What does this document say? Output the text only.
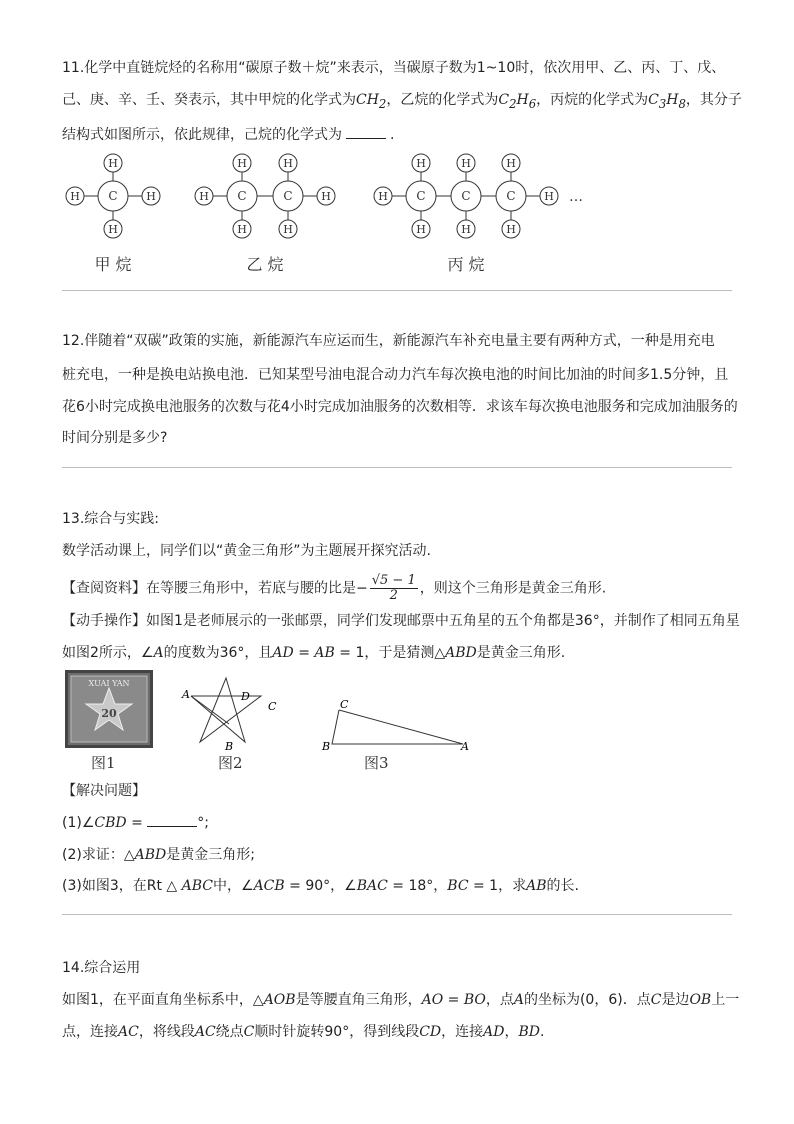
11.化学中直链烷烃的名称用“碳原子数＋烷”来表示，当碳原子数为1~10时，依次用甲、乙、丙、丁、戊、
己、庚、辛、壬、癸表示，其中甲烷的化学式为$CH_2$，乙烷的化学式为$C_2H_6$，丙烷的化学式为$C_3H_8$，其分子
结构式如图所示，依此规律，己烷的化学式为	.
H
H
C
H	H
H
H
C
H
H
C
H	H
H
H
C
H
H
C
H
H
C
H	H …
甲 烷	乙 烷	丙 烷
12.伴随着“双碳”政策的实施，新能源汽车应运而生，新能源汽车补充电量主要有两种方式，一种是用充电
桩充电，一种是换电站换电池．已知某型号油电混合动力汽车每次换电池的时间比加油的时间多1.5分钟，且
花6小时完成换电池服务的次数与花4小时完成加油服务的次数相等．求该车每次换电池服务和完成加油服务的
时间分别是多少?
13.综合与实践:
数学活动课上，同学们以“黄金三角形”为主题展开探究活动.
【查阅资料】在等腰三角形中，若底与腰的比是− $\frac{√5 - 1}{2}$ ，则这个三角形是黄金三角形.
【动手操作】如图1是老师展示的一张邮票，同学们发现邮票中五角星的五个角都是36°，并制作了相同五角星
如图2所示，∠A的度数为36°，且AD = AB = 1，于是猜测△ABD是黄金三角形.
XUAI YAN
20
图1
A	D
C
B
图2
C
B	A
图3
【解决问题】
(1)∠CBD =	°;
(2)求证：△ABD是黄金三角形;
(3)如图3，在Rt △ ABC中，∠ACB = 90°，∠BAC = 18°，BC = 1，求AB的长.
14.综合运用
如图1，在平面直角坐标系中，△AOB是等腰直角三角形，AO = BO，点A的坐标为(0，6)．点C是边OB上一
点，连接AC，将线段AC绕点C顺时针旋转90°，得到线段CD，连接AD，BD.
